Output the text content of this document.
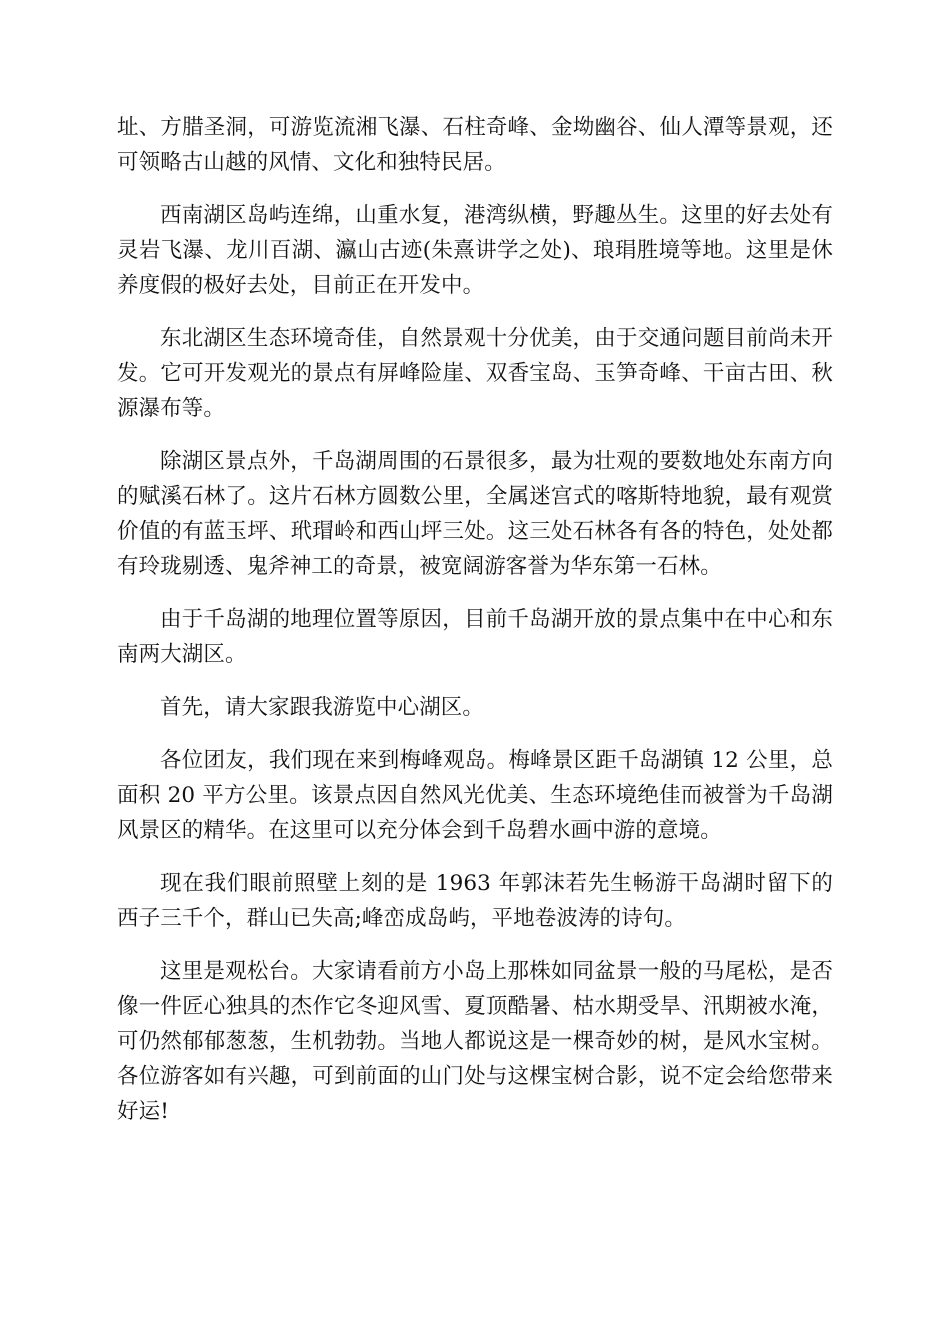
址、方腊圣洞，可游览流湘飞瀑、石柱奇峰、金坳幽谷、仙人潭等景观，还可领略古山越的风情、文化和独特民居。

西南湖区岛屿连绵，山重水复，港湾纵横，野趣丛生。这里的好去处有灵岩飞瀑、龙川百湖、瀛山古迹(朱熹讲学之处)、琅琄胜境等地。这里是休养度假的极好去处，目前正在开发中。

东北湖区生态环境奇佳，自然景观十分优美，由于交通问题目前尚未开发。它可开发观光的景点有屏峰险崖、双香宝岛、玉笋奇峰、干亩古田、秋源瀑布等。

除湖区景点外，千岛湖周围的石景很多，最为壮观的要数地处东南方向的赋溪石林了。这片石林方圆数公里，全属迷宫式的喀斯特地貌，最有观赏价值的有蓝玉坪、玳瑁岭和西山坪三处。这三处石林各有各的特色，处处都有玲珑剔透、鬼斧神工的奇景，被宽阔游客誉为华东第一石林。

由于千岛湖的地理位置等原因，目前千岛湖开放的景点集中在中心和东南两大湖区。

首先，请大家跟我游览中心湖区。

各位团友，我们现在来到梅峰观岛。梅峰景区距千岛湖镇 12 公里，总面积 20 平方公里。该景点因自然风光优美、生态环境绝佳而被誉为千岛湖风景区的精华。在这里可以充分体会到千岛碧水画中游的意境。

现在我们眼前照壁上刻的是 1963 年郭沫若先生畅游干岛湖时留下的西子三千个，群山已失高;峰峦成岛屿，平地卷波涛的诗句。

这里是观松台。大家请看前方小岛上那株如同盆景一般的马尾松，是否像一件匠心独具的杰作它冬迎风雪、夏顶酷暑、枯水期受旱、汛期被水淹，可仍然郁郁葱葱，生机勃勃。当地人都说这是一棵奇妙的树，是风水宝树。各位游客如有兴趣，可到前面的山门处与这棵宝树合影，说不定会给您带来好运!
